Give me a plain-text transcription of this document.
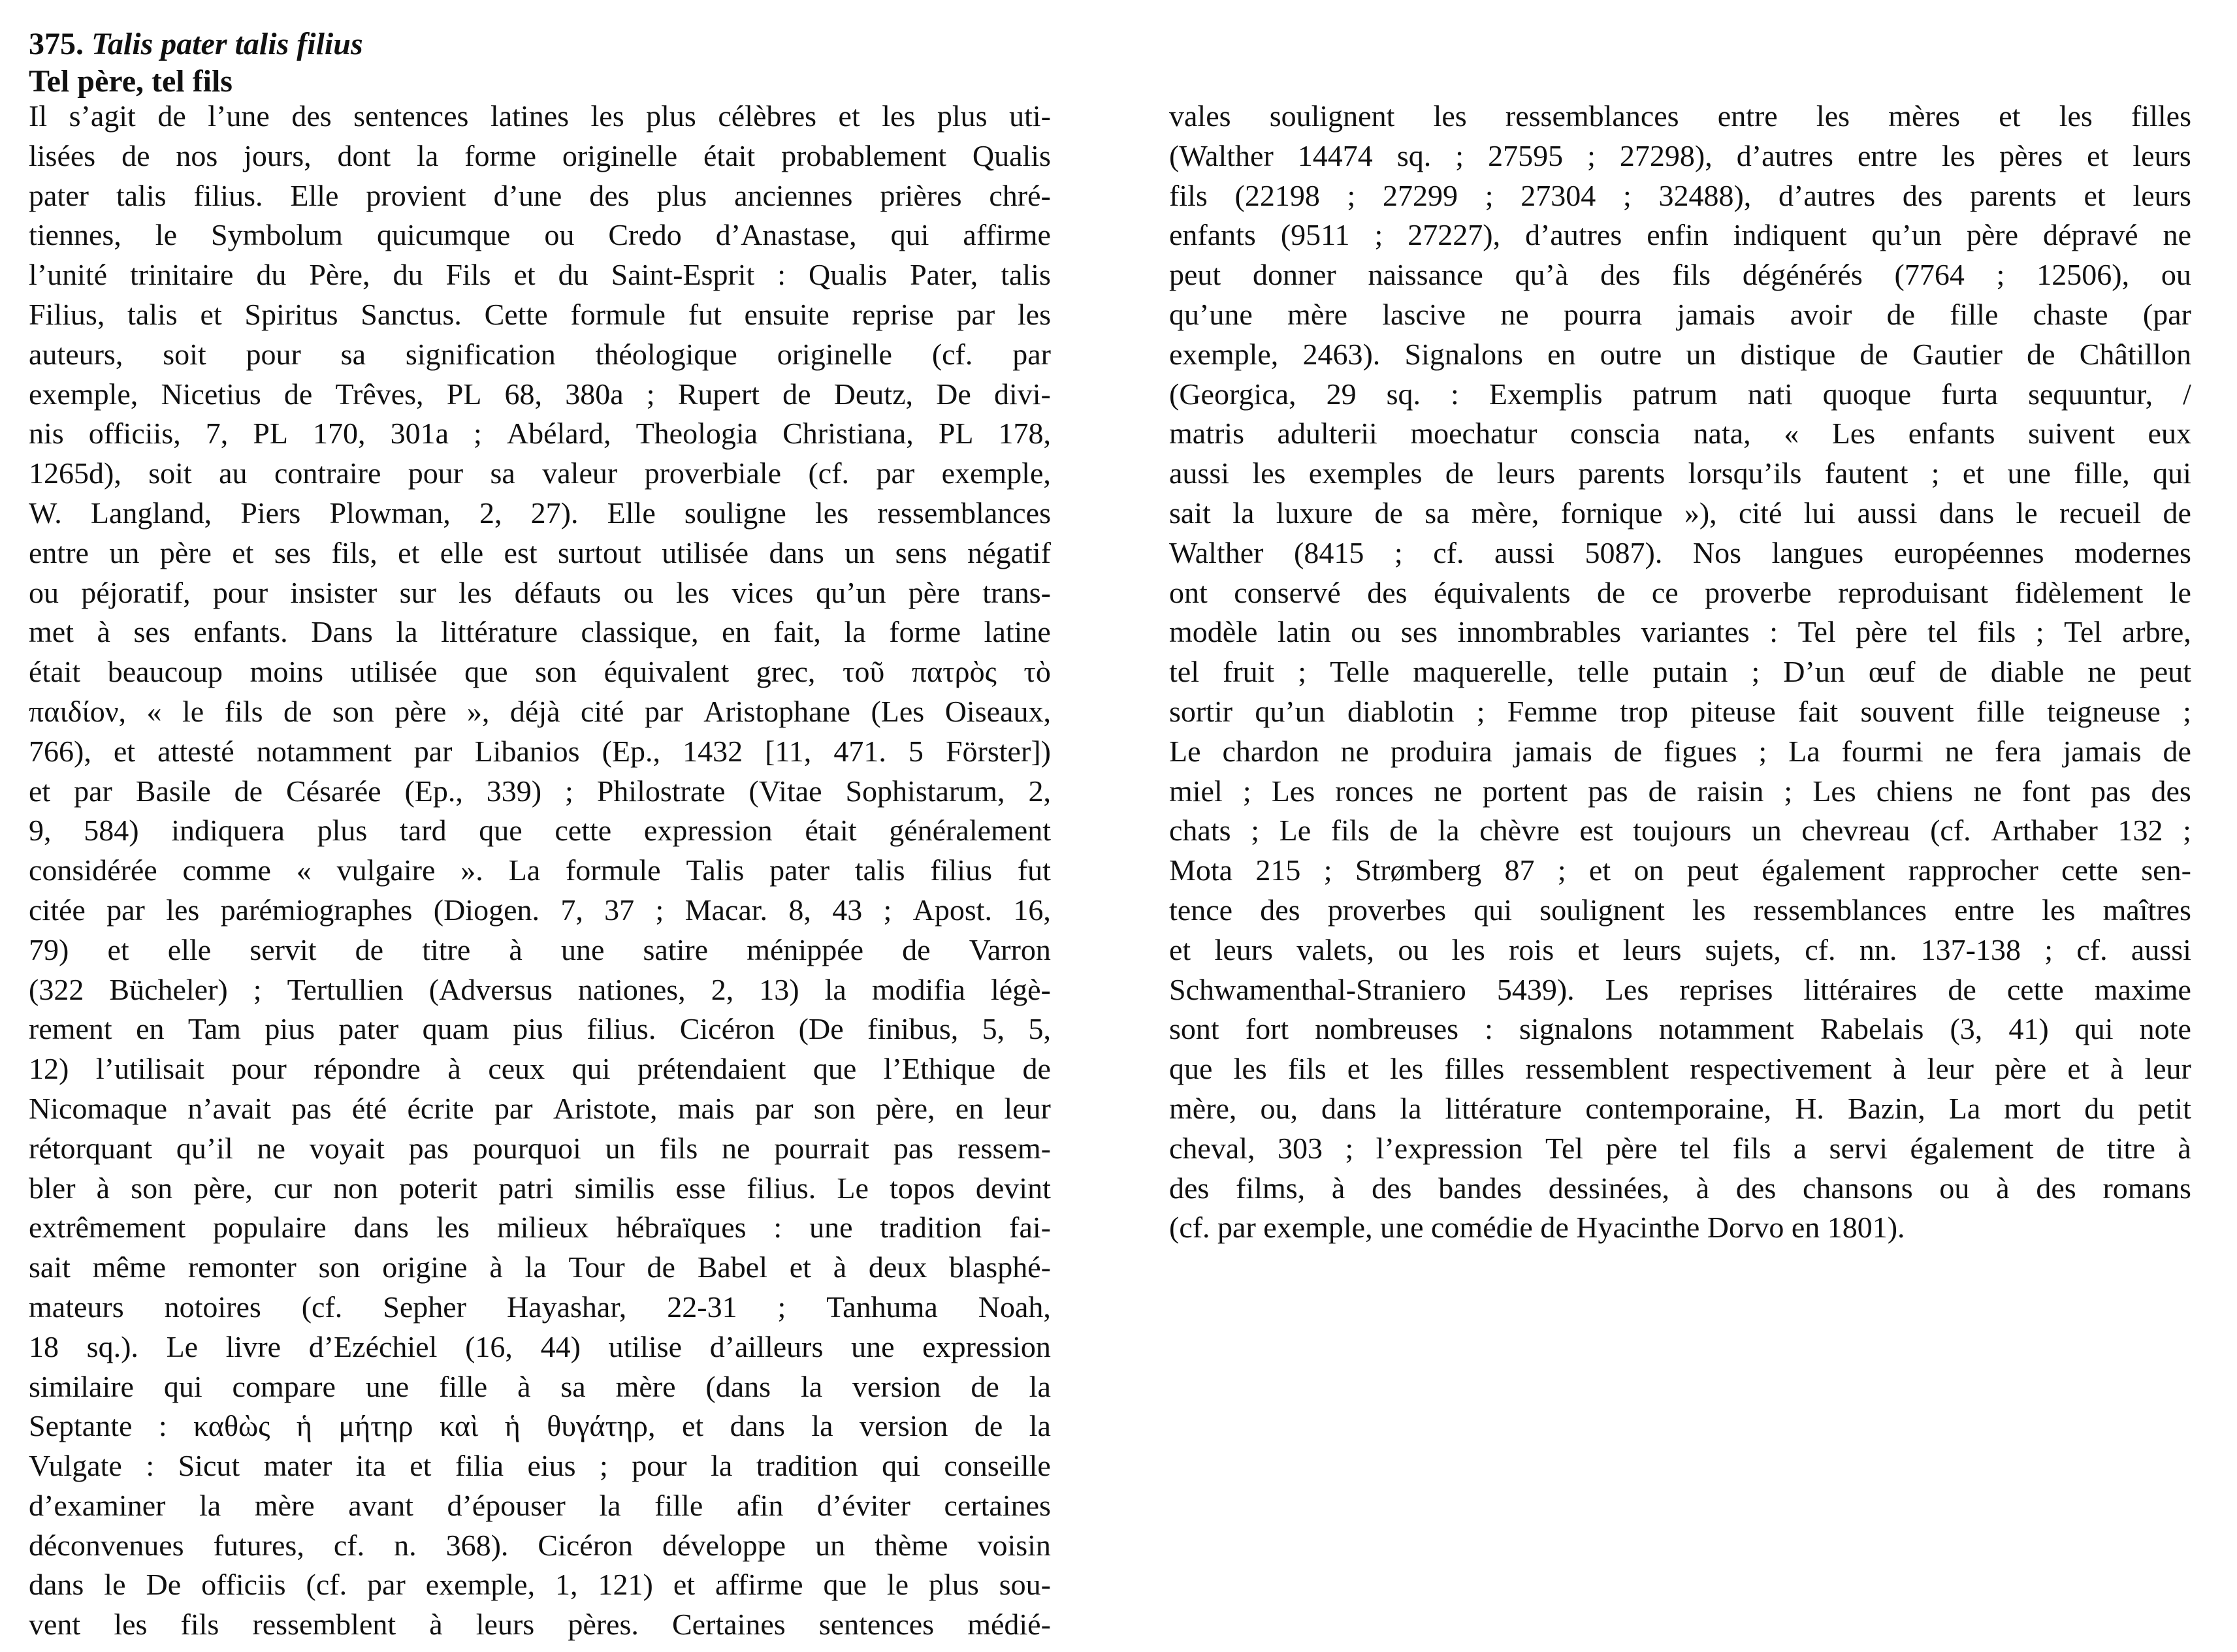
375. Talis pater talis filius
Tel père, tel fils
Il s’agit de l’une des sentences latines les plus célèbres et les plus uti-
lisées de nos jours, dont la forme originelle était probablement Qualis
pater talis filius. Elle provient d’une des plus anciennes prières chré-
tiennes, le Symbolum quicumque ou Credo d’Anastase, qui affirme
l’unité trinitaire du Père, du Fils et du Saint-Esprit : Qualis Pater, talis
Filius, talis et Spiritus Sanctus. Cette formule fut ensuite reprise par les
auteurs, soit pour sa signification théologique originelle (cf. par
exemple, Nicetius de Trêves, PL 68, 380a ; Rupert de Deutz, De divi-
nis officiis, 7, PL 170, 301a ; Abélard, Theologia Christiana, PL 178,
1265d), soit au contraire pour sa valeur proverbiale (cf. par exemple,
W. Langland, Piers Plowman, 2, 27). Elle souligne les ressemblances
entre un père et ses fils, et elle est surtout utilisée dans un sens négatif
ou péjoratif, pour insister sur les défauts ou les vices qu’un père trans-
met à ses enfants. Dans la littérature classique, en fait, la forme latine
était beaucoup moins utilisée que son équivalent grec, τοῦ πατρὸς τὸ
παιδίον, « le fils de son père », déjà cité par Aristophane (Les Oiseaux,
766), et attesté notamment par Libanios (Ep., 1432 [11, 471. 5 Förster])
et par Basile de Césarée (Ep., 339) ; Philostrate (Vitae Sophistarum, 2,
9, 584) indiquera plus tard que cette expression était généralement
considérée comme « vulgaire ». La formule Talis pater talis filius fut
citée par les parémiographes (Diogen. 7, 37 ; Macar. 8, 43 ; Apost. 16,
79) et elle servit de titre à une satire ménippée de Varron
(322 Bücheler) ; Tertullien (Adversus nationes, 2, 13) la modifia légè-
rement en Tam pius pater quam pius filius. Cicéron (De finibus, 5, 5,
12) l’utilisait pour répondre à ceux qui prétendaient que l’Ethique de
Nicomaque n’avait pas été écrite par Aristote, mais par son père, en leur
rétorquant qu’il ne voyait pas pourquoi un fils ne pourrait pas ressem-
bler à son père, cur non poterit patri similis esse filius. Le topos devint
extrêmement populaire dans les milieux hébraïques : une tradition fai-
sait même remonter son origine à la Tour de Babel et à deux blasphé-
mateurs notoires (cf. Sepher Hayashar, 22-31 ; Tanhuma Noah,
18 sq.). Le livre d’Ezéchiel (16, 44) utilise d’ailleurs une expression
similaire qui compare une fille à sa mère (dans la version de la
Septante : καθὼς ἡ μήτηρ καὶ ἡ θυγάτηρ, et dans la version de la
Vulgate : Sicut mater ita et filia eius ; pour la tradition qui conseille
d’examiner la mère avant d’épouser la fille afin d’éviter certaines
déconvenues futures, cf. n. 368). Cicéron développe un thème voisin
dans le De officiis (cf. par exemple, 1, 121) et affirme que le plus sou-
vent les fils ressemblent à leurs pères. Certaines sentences médié-
vales soulignent les ressemblances entre les mères et les filles
(Walther 14474 sq. ; 27595 ; 27298), d’autres entre les pères et leurs
fils (22198 ; 27299 ; 27304 ; 32488), d’autres des parents et leurs
enfants (9511 ; 27227), d’autres enfin indiquent qu’un père dépravé ne
peut donner naissance qu’à des fils dégénérés (7764 ; 12506), ou
qu’une mère lascive ne pourra jamais avoir de fille chaste (par
exemple, 2463). Signalons en outre un distique de Gautier de Châtillon
(Georgica, 29 sq. : Exemplis patrum nati quoque furta sequuntur, /
matris adulterii moechatur conscia nata, « Les enfants suivent eux
aussi les exemples de leurs parents lorsqu’ils fautent ; et une fille, qui
sait la luxure de sa mère, fornique »), cité lui aussi dans le recueil de
Walther (8415 ; cf. aussi 5087). Nos langues européennes modernes
ont conservé des équivalents de ce proverbe reproduisant fidèlement le
modèle latin ou ses innombrables variantes : Tel père tel fils ; Tel arbre,
tel fruit ; Telle maquerelle, telle putain ; D’un œuf de diable ne peut
sortir qu’un diablotin ; Femme trop piteuse fait souvent fille teigneuse ;
Le chardon ne produira jamais de figues ; La fourmi ne fera jamais de
miel ; Les ronces ne portent pas de raisin ; Les chiens ne font pas des
chats ; Le fils de la chèvre est toujours un chevreau (cf. Arthaber 132 ;
Mota 215 ; Strømberg 87 ; et on peut également rapprocher cette sen-
tence des proverbes qui soulignent les ressemblances entre les maîtres
et leurs valets, ou les rois et leurs sujets, cf. nn. 137-138 ; cf. aussi
Schwamenthal-Straniero 5439). Les reprises littéraires de cette maxime
sont fort nombreuses : signalons notamment Rabelais (3, 41) qui note
que les fils et les filles ressemblent respectivement à leur père et à leur
mère, ou, dans la littérature contemporaine, H. Bazin, La mort du petit
cheval, 303 ; l’expression Tel père tel fils a servi également de titre à
des films, à des bandes dessinées, à des chansons ou à des romans
(cf. par exemple, une comédie de Hyacinthe Dorvo en 1801).
